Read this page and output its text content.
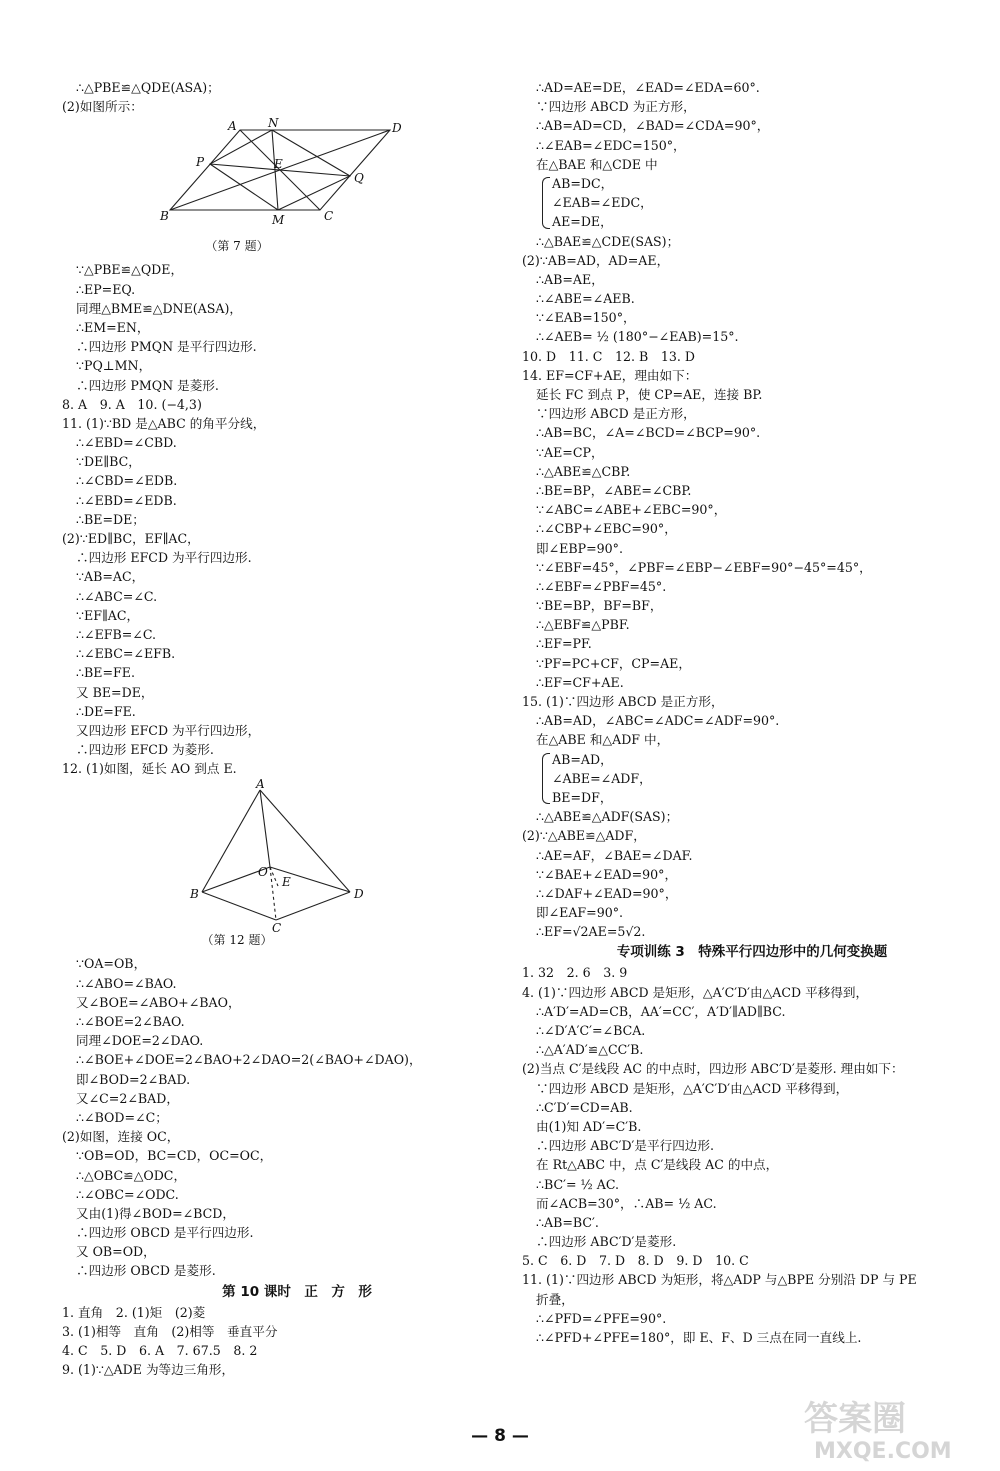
∴△PBE≌△QDE(ASA)；
(2)如图所示：
A	N	D
P	E
Q
B	M	C
（第 7 题）
∵△PBE≌△QDE，
∴EP=EQ.
同理△BME≌△DNE(ASA)，
∴EM=EN，
∴四边形 PMQN 是平行四边形.
∵PQ⊥MN，
∴四边形 PMQN 是菱形.
8. A　9. A　10. (−4,3)
11. (1)∵BD 是△ABC 的角平分线，
∴∠EBD=∠CBD.
∵DE∥BC，
∴∠CBD=∠EDB.
∴∠EBD=∠EDB.
∴BE=DE；
(2)∵ED∥BC，EF∥AC，
∴四边形 EFCD 为平行四边形.
∵AB=AC，
∴∠ABC=∠C.
∵EF∥AC，
∴∠EFB=∠C.
∴∠EBC=∠EFB.
∴BE=FE.
又 BE=DE，
∴DE=FE.
又四边形 EFCD 为平行四边形，
∴四边形 EFCD 为菱形.
12. (1)如图，延长 AO 到点 E.
A
O
E
B	D
C
（第 12 题）
∵OA=OB，
∴∠ABO=∠BAO.
又∠BOE=∠ABO+∠BAO，
∴∠BOE=2∠BAO.
同理∠DOE=2∠DAO.
∴∠BOE+∠DOE=2∠BAO+2∠DAO=2(∠BAO+∠DAO)，
即∠BOD=2∠BAD.
又∠C=2∠BAD，
∴∠BOD=∠C；
(2)如图，连接 OC，
∵OB=OD，BC=CD，OC=OC，
∴△OBC≌△ODC，
∴∠OBC=∠ODC.
又由(1)得∠BOD=∠BCD，
∴四边形 OBCD 是平行四边形.
又 OB=OD，
∴四边形 OBCD 是菱形.
第 10 课时　正　方　形
1. 直角　2. (1)矩　(2)菱
3. (1)相等　直角　(2)相等　垂直平分
4. C　5. D　6. A　7. 67.5　8. 2
9. (1)∵△ADE 为等边三角形，
∴AD=AE=DE，∠EAD=∠EDA=60°.
∵四边形 ABCD 为正方形，
∴AB=AD=CD，∠BAD=∠CDA=90°，
∴∠EAB=∠EDC=150°，
在△BAE 和△CDE 中
AB=DC，
∠EAB=∠EDC，
AE=DE，
∴△BAE≌△CDE(SAS)；
(2)∵AB=AD，AD=AE，
∴AB=AE，
∴∠ABE=∠AEB.
∵∠EAB=150°，
∴∠AEB= ½ (180°−∠EAB)=15°.
10. D　11. C　12. B　13. D
14. EF=CF+AE，理由如下：
延长 FC 到点 P，使 CP=AE，连接 BP.
∵四边形 ABCD 是正方形，
∴AB=BC，∠A=∠BCD=∠BCP=90°.
∵AE=CP，
∴△ABE≌△CBP.
∴BE=BP，∠ABE=∠CBP.
∵∠ABC=∠ABE+∠EBC=90°，
∴∠CBP+∠EBC=90°，
即∠EBP=90°.
∵∠EBF=45°，∠PBF=∠EBP−∠EBF=90°−45°=45°，
∴∠EBF=∠PBF=45°.
∵BE=BP，BF=BF，
∴△EBF≌△PBF.
∴EF=PF.
∵PF=PC+CF，CP=AE，
∴EF=CF+AE.
15. (1)∵四边形 ABCD 是正方形，
∴AB=AD，∠ABC=∠ADC=∠ADF=90°.
在△ABE 和△ADF 中，
AB=AD，
∠ABE=∠ADF，
BE=DF，
∴△ABE≌△ADF(SAS)；
(2)∵△ABE≌△ADF，
∴AE=AF，∠BAE=∠DAF.
∵∠BAE+∠EAD=90°，
∴∠DAF+∠EAD=90°，
即∠EAF=90°.
∴EF=√2AE=5√2.
专项训练 3　特殊平行四边形中的几何变换题
1. 32　2. 6　3. 9
4. (1)∵四边形 ABCD 是矩形，△A′C′D′由△ACD 平移得到，
∴A′D′=AD=CB，AA′=CC′，A′D′∥AD∥BC.
∴∠D′A′C′=∠BCA.
∴△A′AD′≌△CC′B.
(2)当点 C′是线段 AC 的中点时，四边形 ABC′D′是菱形. 理由如下：
∵四边形 ABCD 是矩形，△A′C′D′由△ACD 平移得到，
∴C′D′=CD=AB.
由(1)知 AD′=C′B.
∴四边形 ABC′D′是平行四边形.
在 Rt△ABC 中，点 C′是线段 AC 的中点，
∴BC′= ½ AC.
而∠ACB=30°，∴AB= ½ AC.
∴AB=BC′.
∴四边形 ABC′D′是菱形.
5. C　6. D　7. D　8. D　9. D　10. C
11. (1)∵四边形 ABCD 为矩形，将△ADP 与△BPE 分别沿 DP 与 PE
折叠，
∴∠PFD=∠PFE=90°.
∴∠PFD+∠PFE=180°，即 E、F、D 三点在同一直线上.
— 8 —	答案圈
MXQE.COM
